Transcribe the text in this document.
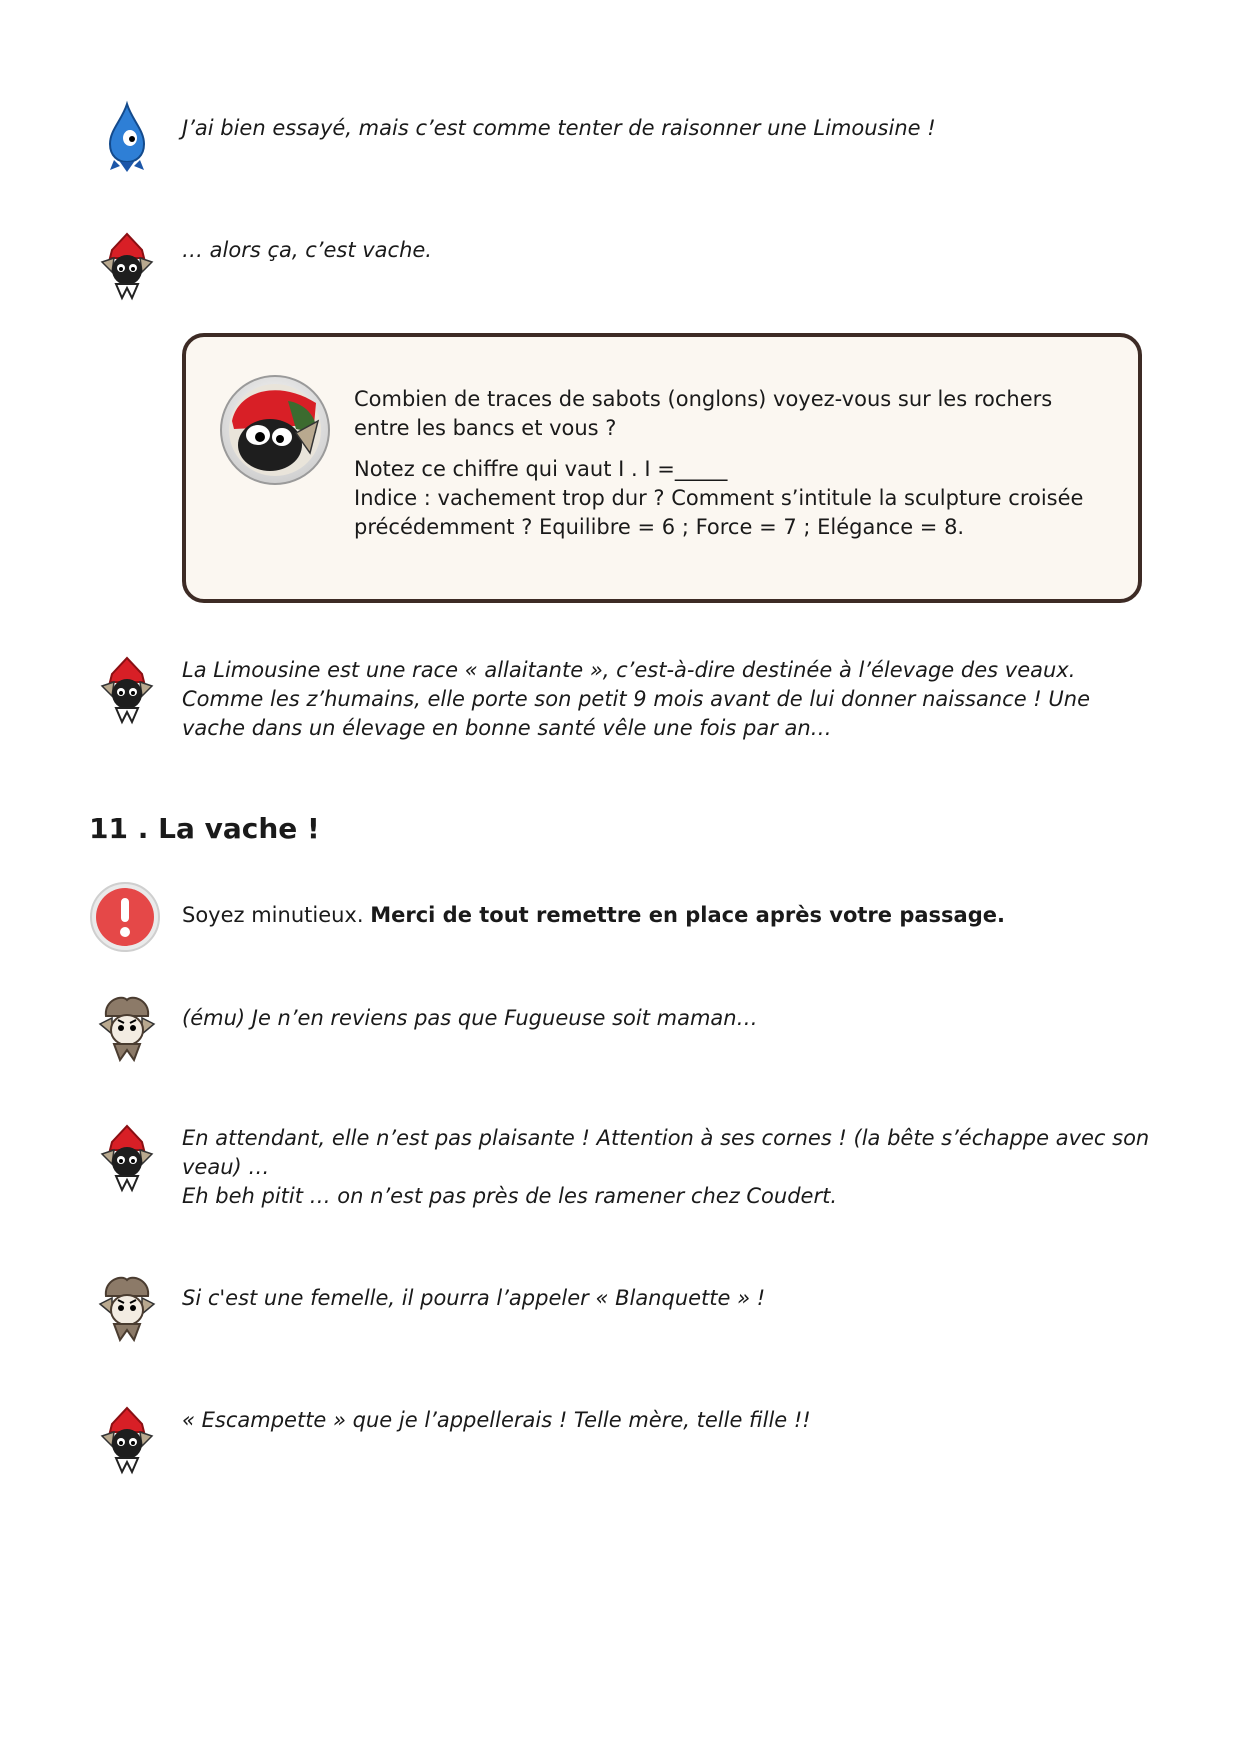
J’ai bien essayé, mais c’est comme tenter de raisonner une Limousine !
… alors ça, c’est vache.

Combien de traces de sabots (onglons) voyez-vous sur les rochers entre les bancs et vous ?

Notez ce chiffre qui vaut I . I =_____

Indice : vachement trop dur ? Comment s’intitule la sculpture croisée précédemment ? Equilibre = 6 ; Force = 7 ; Elégance = 8.

La Limousine est une race « allaitante », c’est-à-dire destinée à l’élevage des veaux. Comme les z’humains, elle porte son petit 9 mois avant de lui donner naissance ! Une vache dans un élevage en bonne santé vêle une fois par an…
11 . La vache !
Soyez minutieux. Merci de tout remettre en place après votre passage.
(ému) Je n’en reviens pas que Fugueuse soit maman…

En attendant, elle n’est pas plaisante ! Attention à ses cornes ! (la bête s’échappe avec son veau) …

Eh beh pitit … on n’est pas près de les ramener chez Coudert.

Si c'est une femelle, il pourra l’appeler « Blanquette » !
« Escampette » que je l’appellerais ! Telle mère, telle fille !!
